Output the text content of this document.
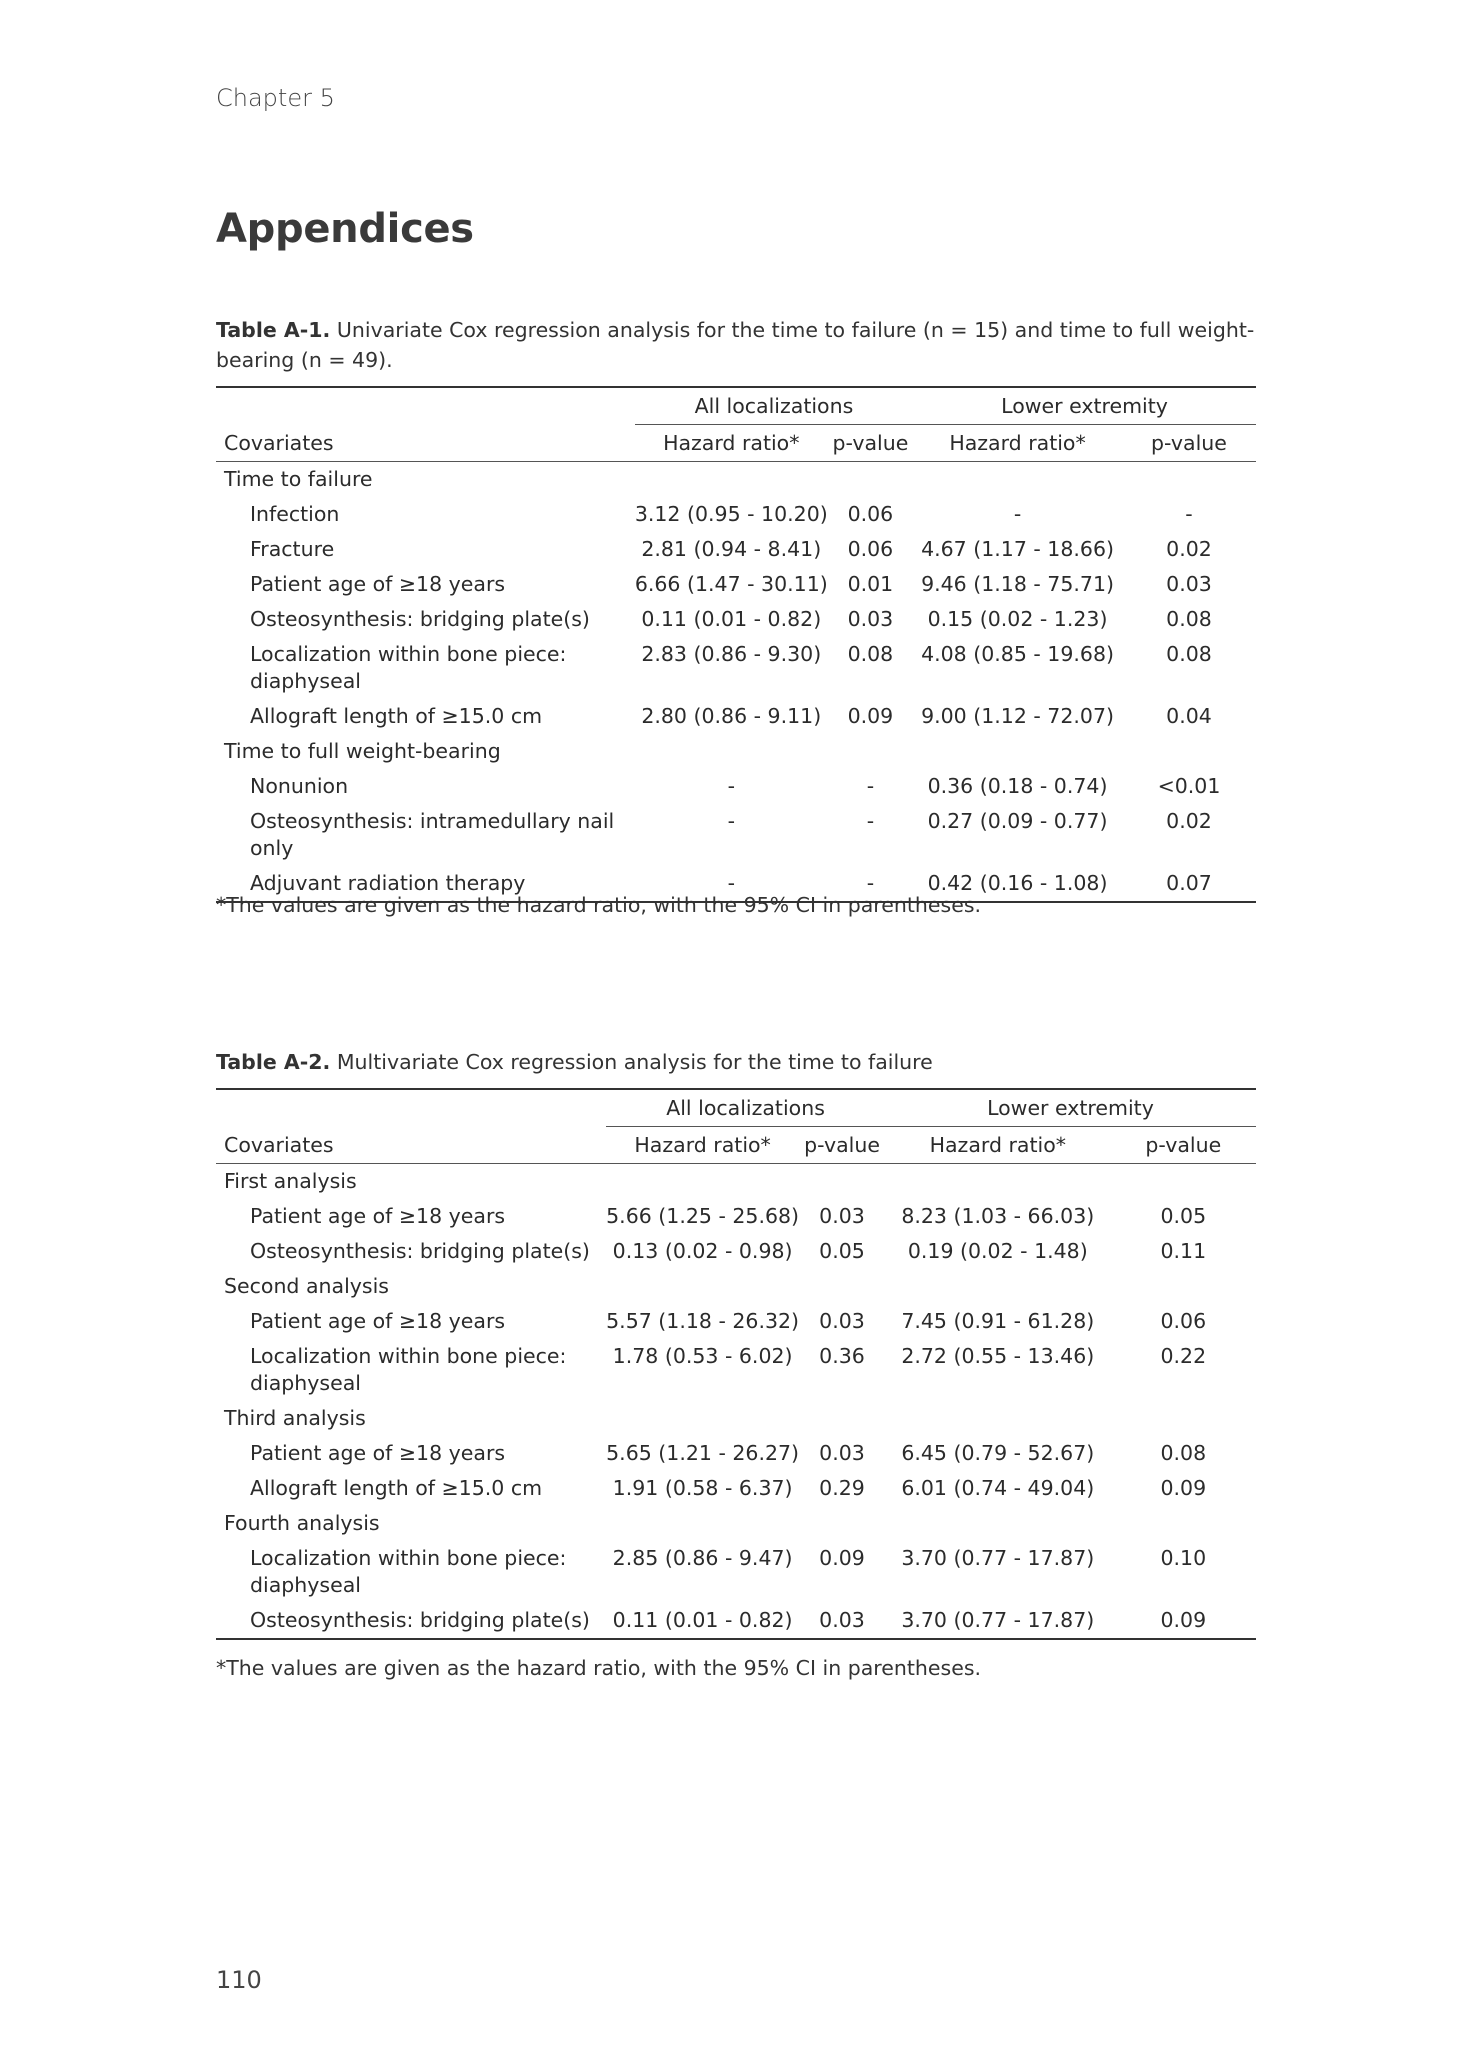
Chapter 5
Appendices
Table A-1. Univariate Cox regression analysis for the time to failure (n = 15) and time to full weight-bearing (n = 49).
	All localizations		Lower extremity	
Covariates	Hazard ratio*	p-value	Hazard ratio*	p-value
Time to failure				

Infection	3.12 (0.95 - 10.20)	0.06	-	-

Fracture	2.81 (0.94 - 8.41)	0.06	4.67 (1.17 - 18.66)	0.02

Patient age of ≥18 years	6.66 (1.47 - 30.11)	0.01	9.46 (1.18 - 75.71)	0.03

Osteosynthesis: bridging plate(s)	0.11 (0.01 - 0.82)	0.03	0.15 (0.02 - 1.23)	0.08

Localization within bone piece:
diaphyseal	2.83 (0.86 - 9.30)	0.08	4.08 (0.85 - 19.68)	0.08

Allograft length of ≥15.0 cm	2.80 (0.86 - 9.11)	0.09	9.00 (1.12 - 72.07)	0.04
Time to full weight-bearing				

Nonunion	-	-	0.36 (0.18 - 0.74)	<0.01

Osteosynthesis: intramedullary nail only	-	-	0.27 (0.09 - 0.77)	0.02

Adjuvant radiation therapy	-	-	0.42 (0.16 - 1.08)	0.07
*The values are given as the hazard ratio, with the 95% CI in parentheses.
Table A-2. Multivariate Cox regression analysis for the time to failure
	All localizations		Lower extremity	
Covariates	Hazard ratio*	p-value	Hazard ratio*	p-value
First analysis				

Patient age of ≥18 years	5.66 (1.25 - 25.68)	0.03	8.23 (1.03 - 66.03)	0.05

Osteosynthesis: bridging plate(s)	0.13 (0.02 - 0.98)	0.05	0.19 (0.02 - 1.48)	0.11
Second analysis				

Patient age of ≥18 years	5.57 (1.18 - 26.32)	0.03	7.45 (0.91 - 61.28)	0.06

Localization within bone piece:
diaphyseal	1.78 (0.53 - 6.02)	0.36	2.72 (0.55 - 13.46)	0.22
Third analysis				

Patient age of ≥18 years	5.65 (1.21 - 26.27)	0.03	6.45 (0.79 - 52.67)	0.08

Allograft length of ≥15.0 cm	1.91 (0.58 - 6.37)	0.29	6.01 (0.74 - 49.04)	0.09
Fourth analysis				

Localization within bone piece:
diaphyseal	2.85 (0.86 - 9.47)	0.09	3.70 (0.77 - 17.87)	0.10

Osteosynthesis: bridging plate(s)	0.11 (0.01 - 0.82)	0.03	3.70 (0.77 - 17.87)	0.09
*The values are given as the hazard ratio, with the 95% CI in parentheses.
110
